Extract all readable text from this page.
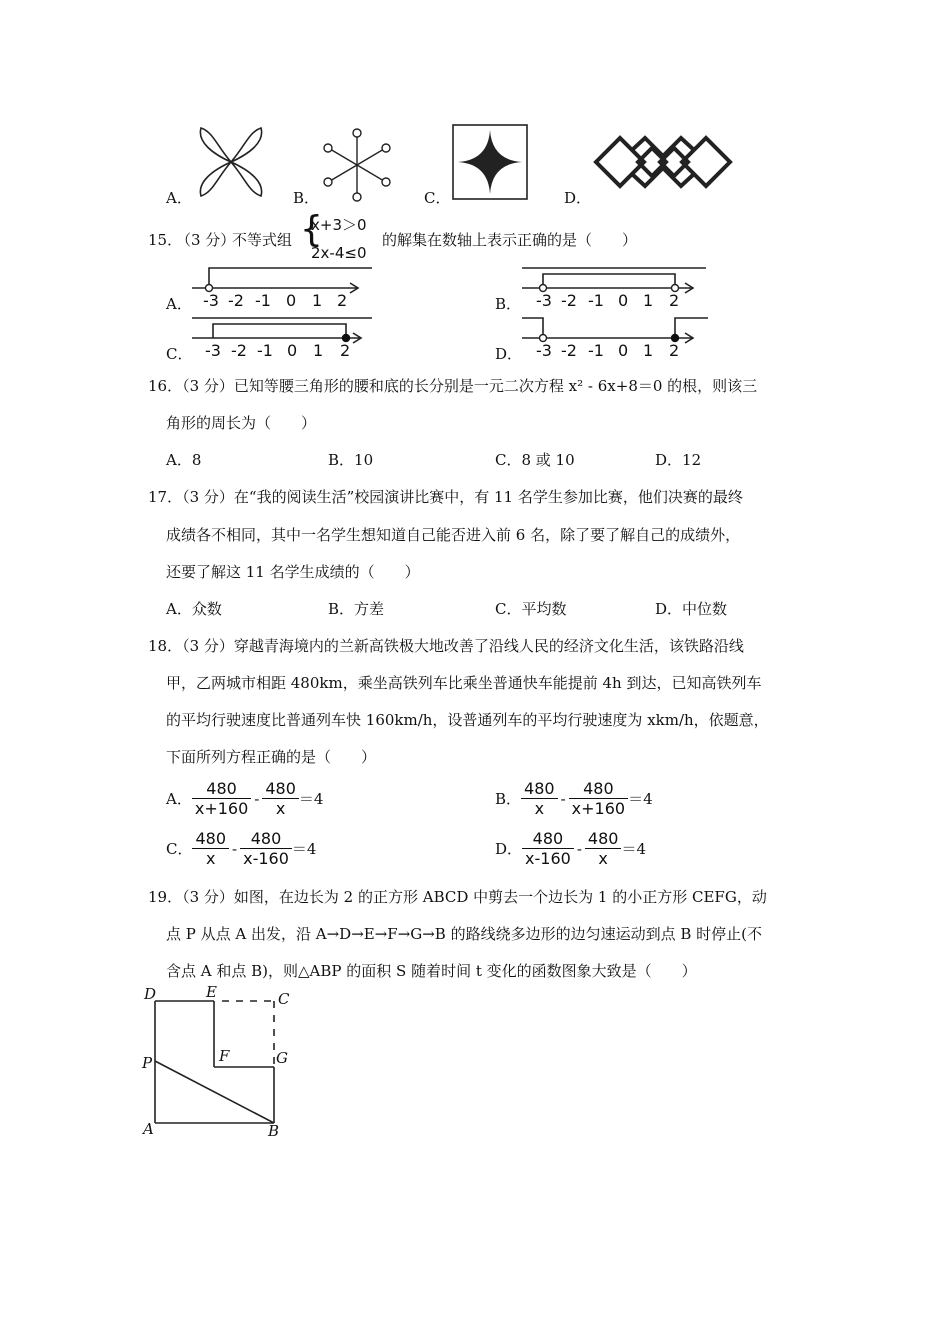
A．	B．	C．	D．
15．
（3 分）
不等式组 {
x+3＞0
2x-4≤0
的解集在数轴上表示正确的是（　　）
A． -3 -2 -1 0 1 2	B． -3 -2 -1 0 1 2
C． -3 -2 -1 0 1 2	D． -3 -2 -1 0 1 2
16．（3 分）已知等腰三角形的腰和底的长分别是一元二次方程 x² - 6x+8＝0 的根，则该三
角形的周长为（　　）
A．8	B．10	C．8 或 10	D．12
17．（3 分）在“我的阅读生活”校园演讲比赛中，有 11 名学生参加比赛，他们决赛的最终
成绩各不相同，其中一名学生想知道自己能否进入前 6 名，除了要了解自己的成绩外，
还要了解这 11 名学生成绩的（　　）
A．众数	B．方差	C．平均数	D．中位数
18．（3 分）穿越青海境内的兰新高铁极大地改善了沿线人民的经济文化生活，该铁路沿线
甲，乙两城市相距 480km，乘坐高铁列车比乘坐普通快车能提前 4h 到达，已知高铁列车
的平均行驶速度比普通列车快 160km/h，设普通列车的平均行驶速度为 xkm/h，依题意，
下面所列方程正确的是（　　）
A． $\frac{480}{x+160} - \frac{480}{x} =4$	B． $\frac{480}{x} - \frac{480}{x+160} =4$
C． $\frac{480}{x} - \frac{480}{x-160} =4$	D． $\frac{480}{x-160} - \frac{480}{x} =4$
19．（3 分）如图，在边长为 2 的正方形 ABCD 中剪去一个边长为 1 的小正方形 CEFG，动
点 P 从点 A 出发，沿 A→D→E→F→G→B 的路线绕多边形的边匀速运动到点 B 时停止(不
含点 A 和点 B)，则△ABP 的面积 S 随着时间 t 变化的函数图象大致是（　　）
D	E	C
P	F	G
A	B
